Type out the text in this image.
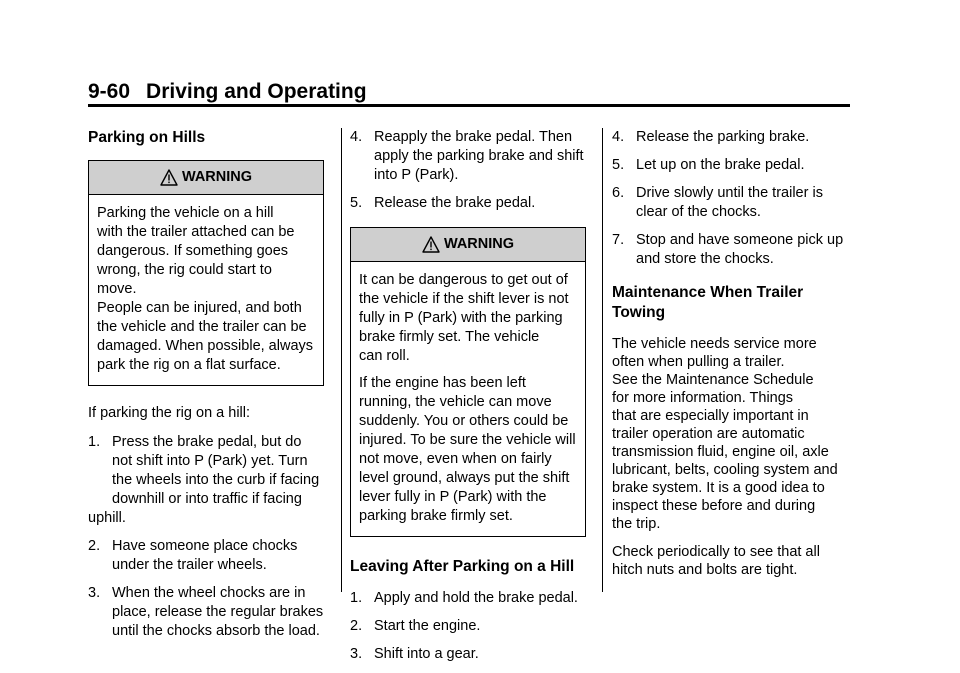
9-60 Driving and Operating
Parking on Hills
WARNING

Parking the vehicle on a hill
with the trailer attached can be
dangerous. If something goes
wrong, the rig could start to move.
People can be injured, and both
the vehicle and the trailer can be
damaged. When possible, always
park the rig on a flat surface.

If parking the rig on a hill:

1. Press the brake pedal, but do
not shift into P (Park) yet. Turn
the wheels into the curb if facing
downhill or into traffic if facing
uphill.
2. Have someone place chocks
under the trailer wheels.
3. When the wheel chocks are in
place, release the regular brakes
until the chocks absorb the load.
4. Reapply the brake pedal. Then
apply the parking brake and shift
into P (Park).
5. Release the brake pedal.
WARNING

It can be dangerous to get out of
the vehicle if the shift lever is not
fully in P (Park) with the parking
brake firmly set. The vehicle
can roll.

If the engine has been left
running, the vehicle can move
suddenly. You or others could be
injured. To be sure the vehicle will
not move, even when on fairly
level ground, always put the shift
lever fully in P (Park) with the
parking brake firmly set.

Leaving After Parking on a Hill
1. Apply and hold the brake pedal.
2. Start the engine.
3. Shift into a gear.
4. Release the parking brake.
5. Let up on the brake pedal.
6. Drive slowly until the trailer is
clear of the chocks.
7. Stop and have someone pick up
and store the chocks.
Maintenance When Trailer
Towing

The vehicle needs service more
often when pulling a trailer.
See the Maintenance Schedule
for more information. Things
that are especially important in
trailer operation are automatic
transmission fluid, engine oil, axle
lubricant, belts, cooling system and
brake system. It is a good idea to
inspect these before and during
the trip.

Check periodically to see that all
hitch nuts and bolts are tight.
